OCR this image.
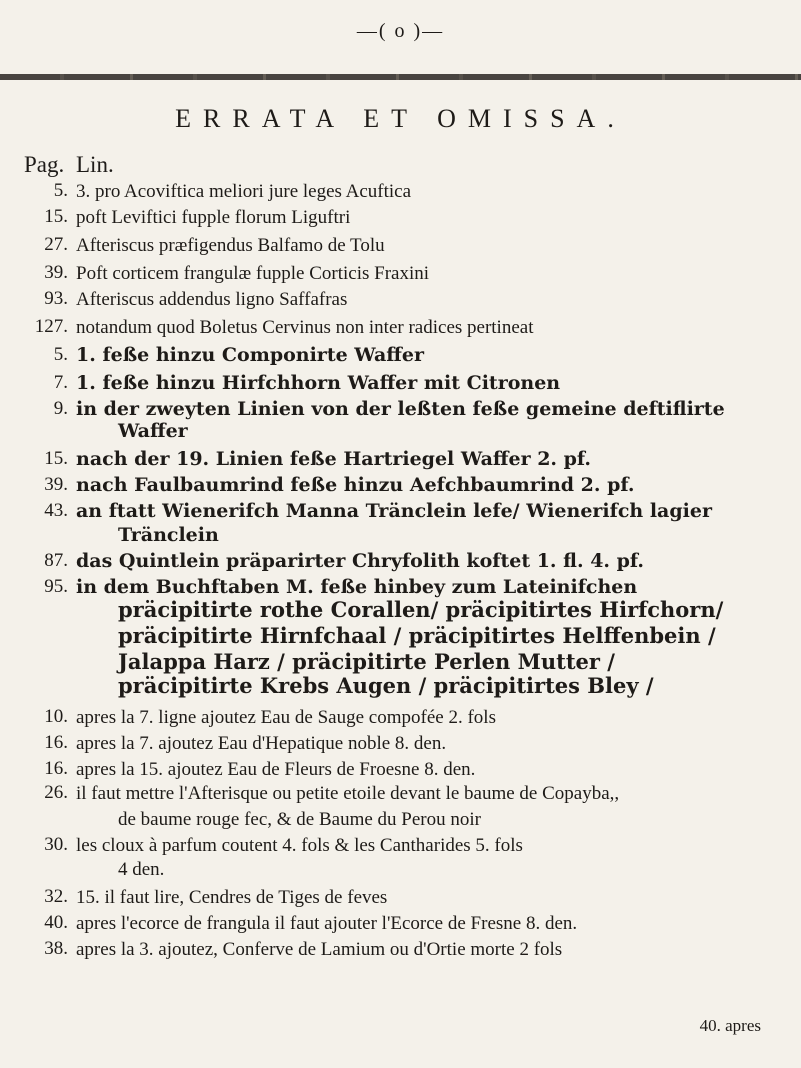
—( o )—
ERRATA ET OMISSA.
Pag. Lin.
5. 3. pro Acoviftica meliori jure leges Acuftica
15. poft Leviftici fupple florum Liguftri
27. Afteriscus præfigendus Balfamo de Tolu
39. Poft corticem frangulæ fupple Corticis Fraxini
93. Afteriscus addendus ligno Saffafras
127. notandum quod Boletus Cervinus non inter radices pertineat
5. 1. feße hinzu Componirte Waffer
7. 1. feße hinzu Hirfchhorn Waffer mit Citronen
9. in der zweyten Linien von der leßten feße gemeine deftiflirte
Waffer
15. nach der 19. Linien feße Hartriegel Waffer 2. pf.
39. nach Faulbaumrind feße hinzu Aefchbaumrind 2. pf.
43. an ftatt Wienerifch Manna Tränclein lefe/ Wienerifch lagier
Tränclein
87. das Quintlein präparirter Chryfolith koftet 1. fl. 4. pf.
95. in dem Buchftaben M. feße hinbey zum Lateinifchen
präcipitirte rothe Corallen/ präcipitirtes Hirfchorn/
präcipitirte Hirnfchaal / präcipitirtes Helffenbein /
Jalappa Harz / präcipitirte Perlen Mutter /
präcipitirte Krebs Augen / präcipitirtes Bley /
10. apres la 7. ligne ajoutez Eau de Sauge compofée 2. fols
16. apres la 7. ajoutez Eau d'Hepatique noble 8. den.
16. apres la 15. ajoutez Eau de Fleurs de Froesne 8. den.
26. il faut mettre l'Afterisque ou petite etoile devant le baume de Copayba,,
de baume rouge fec, & de Baume du Perou noir
30. les cloux à parfum coutent 4. fols & les Cantharides 5. fols
4 den.
32. 15. il faut lire, Cendres de Tiges de feves
40. apres l'ecorce de frangula il faut ajouter l'Ecorce de Fresne 8. den.
38. apres la 3. ajoutez, Conferve de Lamium ou d'Ortie morte 2 fols
40. apres
